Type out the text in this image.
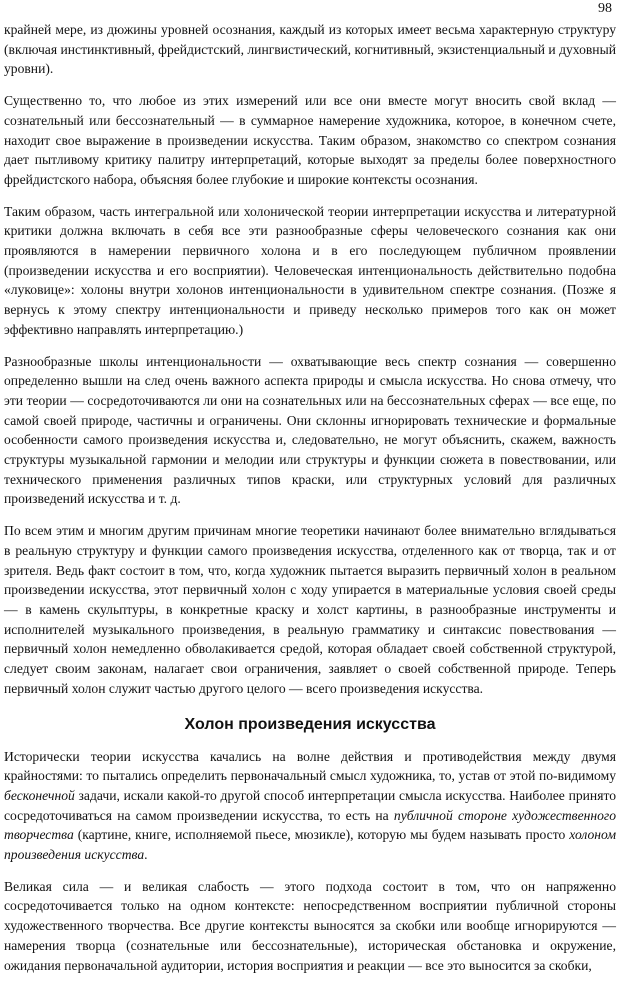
98

крайней мере, из дюжины уровней осознания, каждый из которых имеет весьма характерную структуру (включая инстинктивный, фрейдистский, лингвистический, когнитивный, экзистенциальный и духовный уровни).

Существенно то, что любое из этих измерений или все они вместе могут вносить свой вклад — сознательный или бессознательный — в суммарное намерение художника, которое, в конечном счете, находит свое выражение в произведении искусства. Таким образом, знакомство со спектром сознания дает пытливому критику палитру интерпретаций, которые выходят за пределы более поверхностного фрейдистского набора, объясняя более глубокие и широкие контексты осознания.

Таким образом, часть интегральной или холонической теории интерпретации искусства и литературной критики должна включать в себя все эти разнообразные сферы человеческого сознания как они проявляются в намерении первичного холона и в его последующем публичном проявлении (произведении искусства и его восприятии). Человеческая интенциональность действительно подобна «луковице»: холоны внутри холонов интенциональности в удивительном спектре сознания. (Позже я вернусь к этому спектру интенциональности и приведу несколько примеров того как он может эффективно направлять интерпретацию.)

Разнообразные школы интенциональности — охватывающие весь спектр сознания — совершенно определенно вышли на след очень важного аспекта природы и смысла искусства. Но снова отмечу, что эти теории — сосредоточиваются ли они на сознательных или на бессознательных сферах — все еще, по самой своей природе, частичны и ограничены. Они склонны игнорировать технические и формальные особенности самого произведения искусства и, следовательно, не могут объяснить, скажем, важность структуры музыкальной гармонии и мелодии или структуры и функции сюжета в повествовании, или технического применения различных типов краски, или структурных условий для различных произведений искусства и т. д.

По всем этим и многим другим причинам многие теоретики начинают более внимательно вглядываться в реальную структуру и функции самого произведения искусства, отделенного как от творца, так и от зрителя. Ведь факт состоит в том, что, когда художник пытается выразить первичный холон в реальном произведении искусства, этот первичный холон с ходу упирается в материальные условия своей среды — в камень скульптуры, в конкретные краску и холст картины, в разнообразные инструменты и исполнителей музыкального произведения, в реальную грамматику и синтаксис повествования — первичный холон немедленно обволакивается средой, которая обладает своей собственной структурой, следует своим законам, налагает свои ограничения, заявляет о своей собственной природе. Теперь первичный холон служит частью другого целого — всего произведения искусства.

Холон произведения искусства

Исторически теории искусства качались на волне действия и противодействия между двумя крайностями: то пытались определить первоначальный смысл художника, то, устав от этой по-видимому бесконечной задачи, искали какой-то другой способ интерпретации смысла искусства. Наиболее принято сосредоточиваться на самом произведении искусства, то есть на публичной стороне художественного творчества (картине, книге, исполняемой пьесе, мюзикле), которую мы будем называть просто холоном произведения искусства.

Великая сила — и великая слабость — этого подхода состоит в том, что он напряженно сосредоточивается только на одном контексте: непосредственном восприятии публичной стороны художественного творчества. Все другие контексты выносятся за скобки или вообще игнорируются — намерения творца (сознательные или бессознательные), историческая обстановка и окружение, ожидания первоначальной аудитории, история восприятия и реакции — все это выносится за скобки,
